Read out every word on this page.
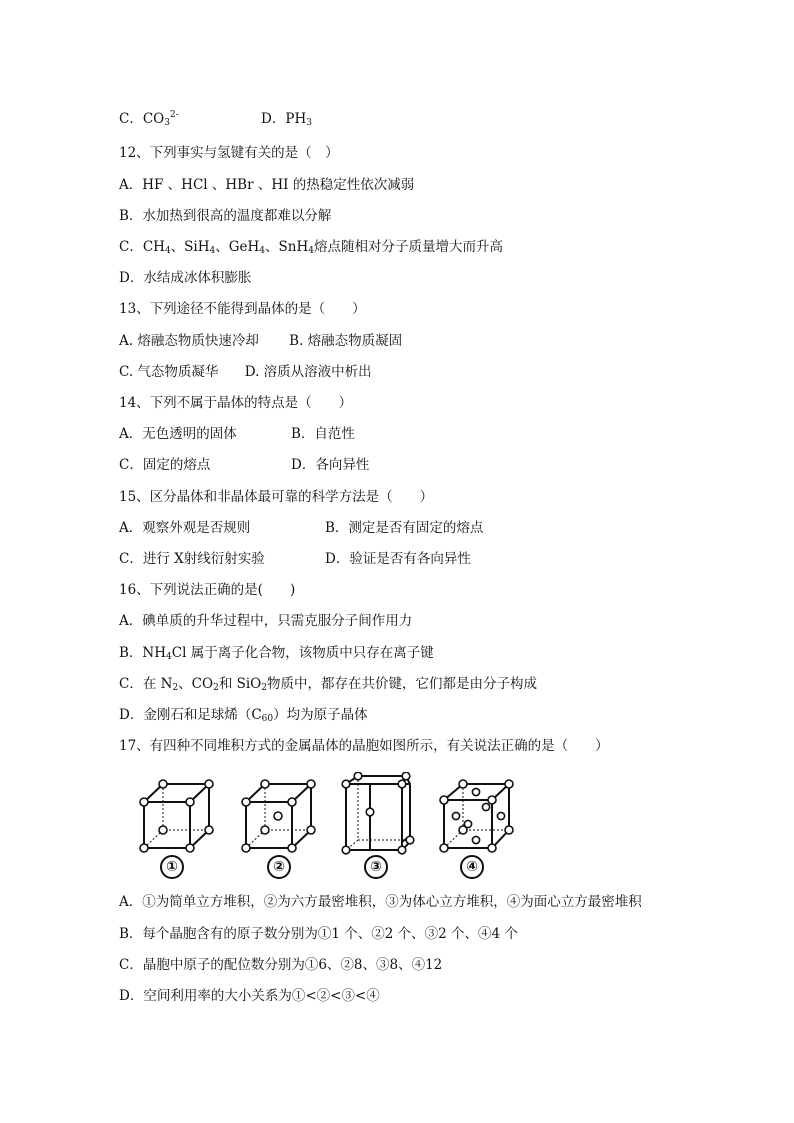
C．$CO_3^{2-}$	D．$PH_3$
12、下列事实与氢键有关的是（　）
A．HF 、HCl 、HBr 、HI 的热稳定性依次减弱
B．水加热到很高的温度都难以分解
C．$CH_4$、SiH$_4$、GeH$_4$、SnH$_4$熔点随相对分子质量增大而升高
D．水结成冰体积膨胀
13、下列途径不能得到晶体的是（　　）
A. 熔融态物质快速冷却 B. 熔融态物质凝固
C. 气态物质凝华 D. 溶质从溶液中析出
14、下列不属于晶体的特点是（　　）
A．无色透明的固体	B．自范性
C．固定的熔点	D．各向异性
15、区分晶体和非晶体最可靠的科学方法是（　　）
A．观察外观是否规则	B．测定是否有固定的熔点
C．进行 X射线衍射实验	D．验证是否有各向异性
16、下列说法正确的是(　　)
A．碘单质的升华过程中，只需克服分子间作用力
B．$NH_4Cl$ 属于离子化合物，该物质中只存在离子键
C．在 $N_2$、$CO_2$和 SiO$_2$物质中，都存在共价键，它们都是由分子构成
D．金刚石和足球烯$(C_{60})$均为原子晶体
17、有四种不同堆积方式的金属晶体的晶胞如图所示，有关说法正确的是（　　）
①	②	③	④
A．①为简单立方堆积，②为六方最密堆积，③为体心立方堆积，④为面心立方最密堆积
B．每个晶胞含有的原子数分别为①1 个、②2 个、③2 个、④4 个
C．晶胞中原子的配位数分别为①6、②8、③8、④12
D．空间利用率的大小关系为①<②<③<④
